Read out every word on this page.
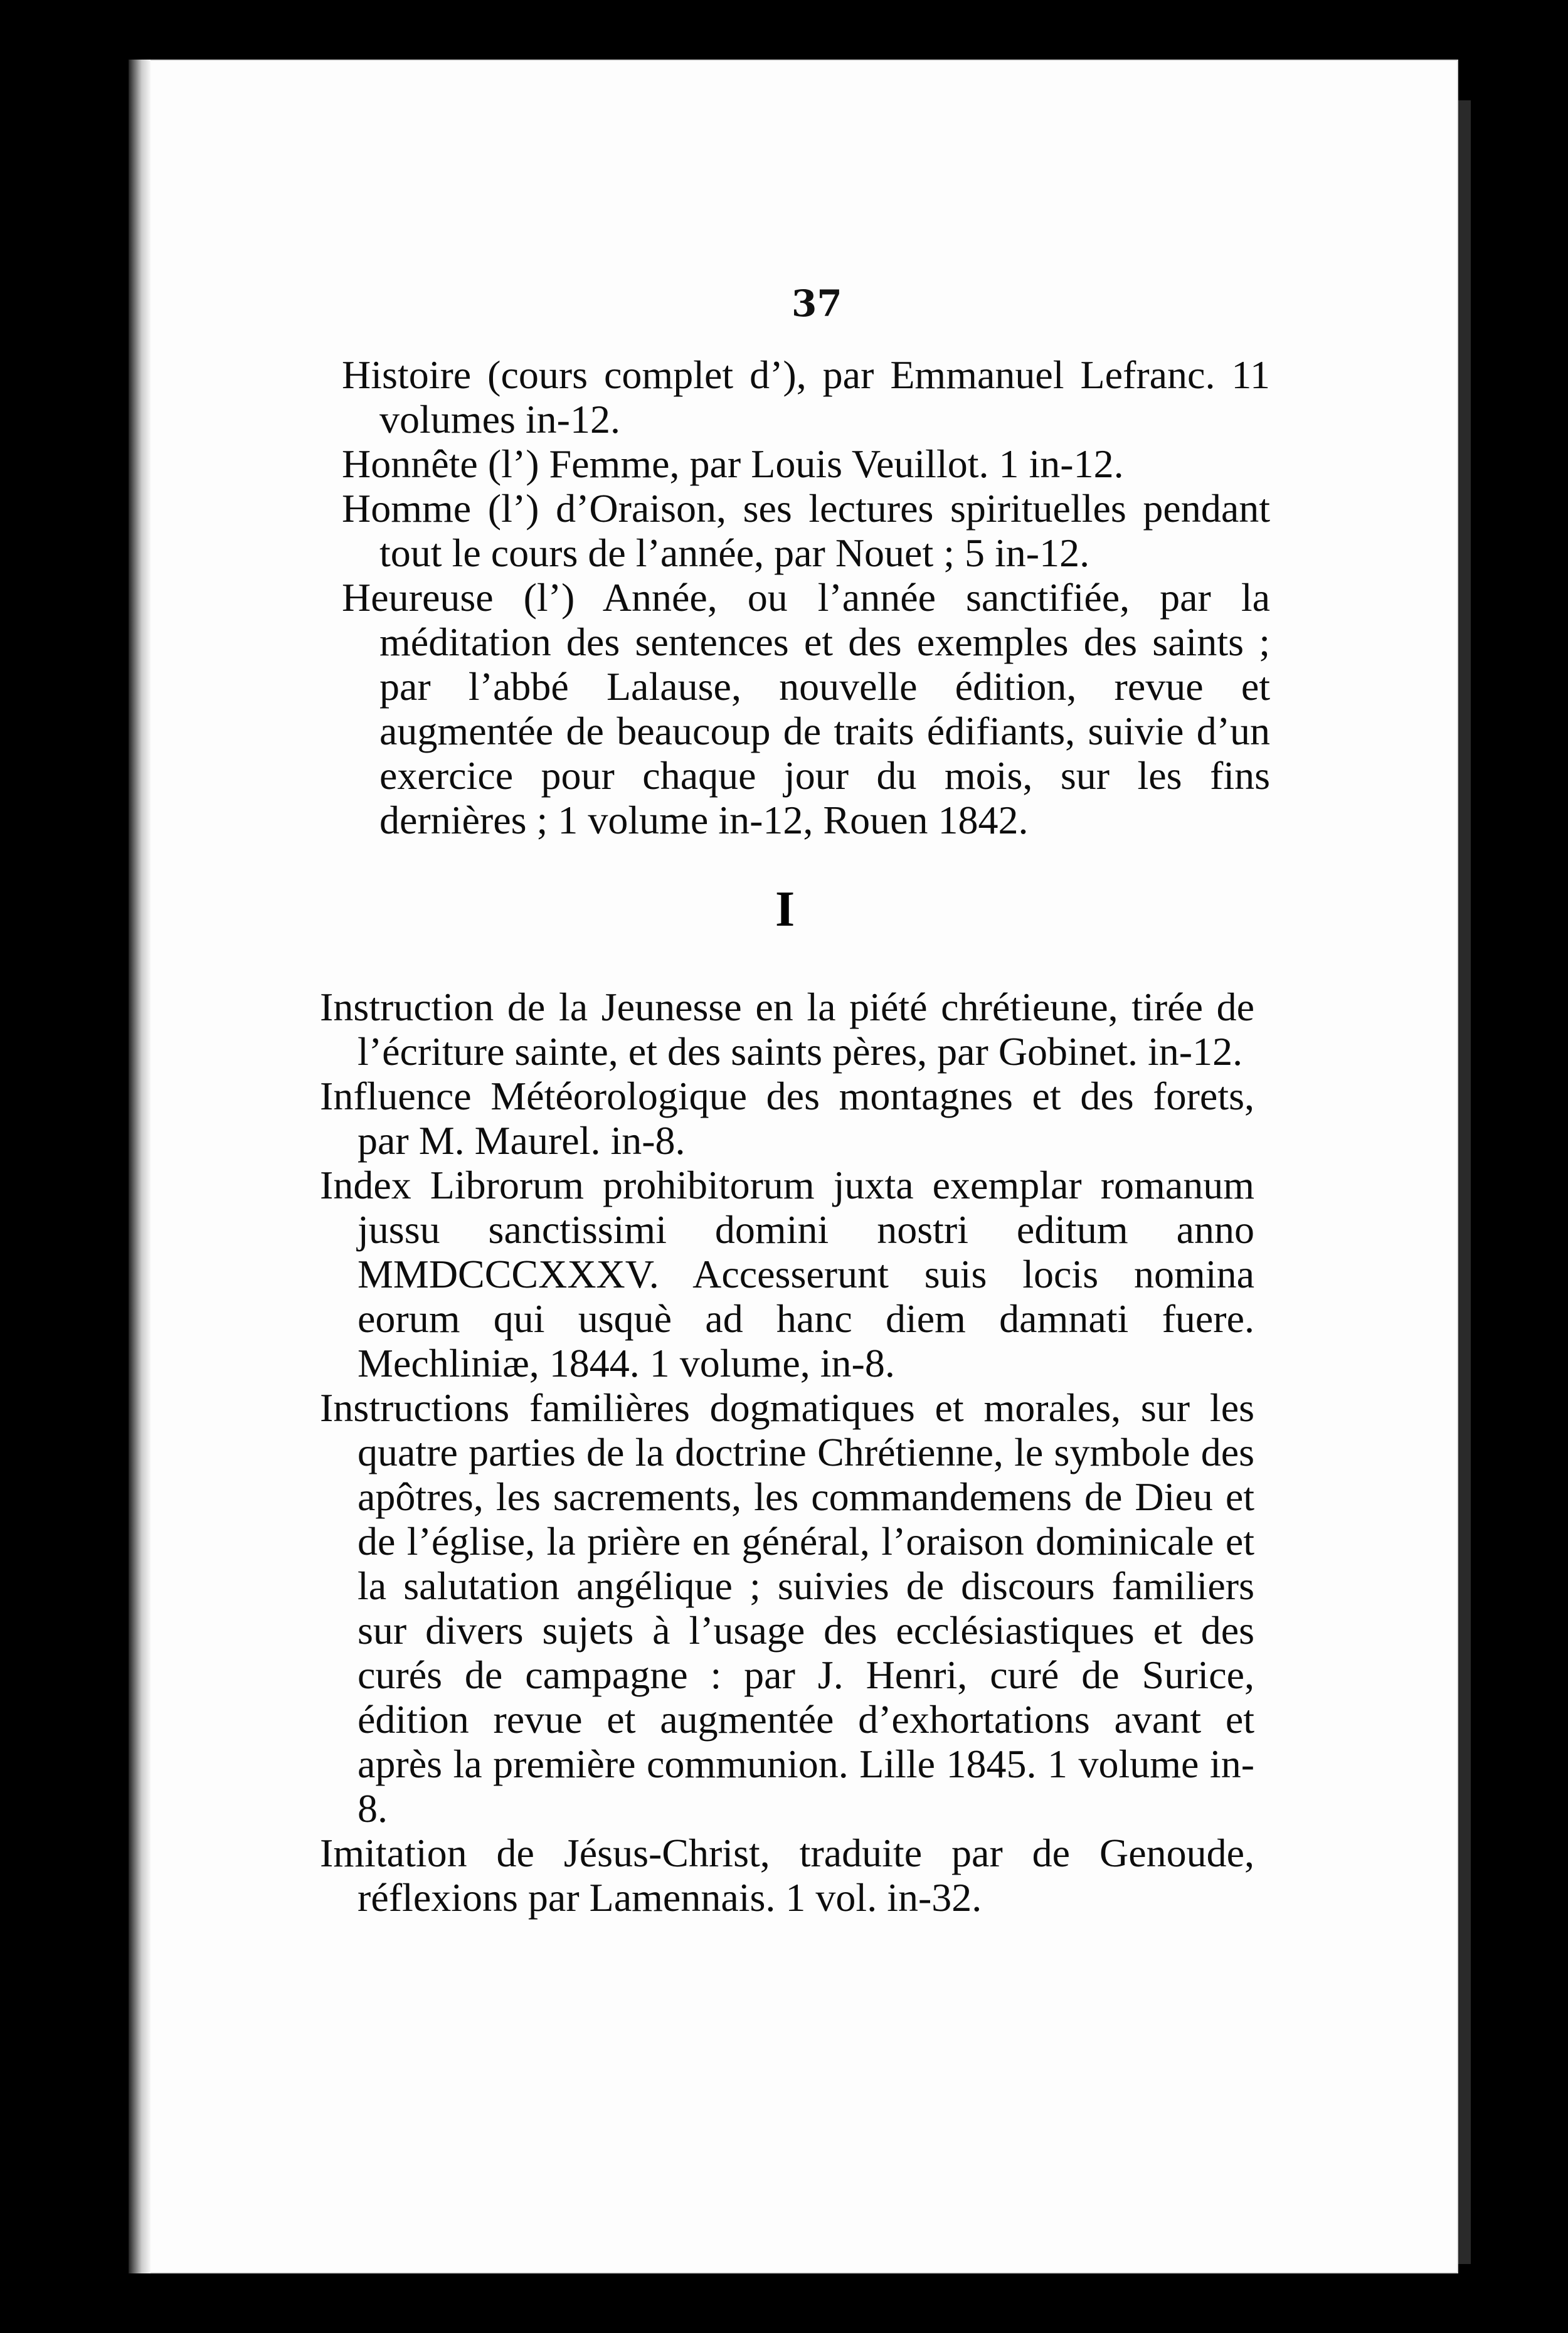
37

Histoire (cours complet d’), par Emmanuel Lefranc. 11 volumes in-12.

Honnête (l’) Femme, par Louis Veuillot. 1 in-12.

Homme (l’) d’Oraison, ses lectures spirituelles pendant tout le cours de l’année, par Nouet ; 5 in-12.

Heureuse (l’) Année, ou l’année sanctifiée, par la méditation des sentences et des exemples des saints ; par l’abbé Lalause, nouvelle édition, revue et augmentée de beaucoup de traits édifiants, suivie d’un exercice pour chaque jour du mois, sur les fins dernières ; 1 volume in-12, Rouen 1842.

I

Instruction de la Jeunesse en la piété chrétieune, tirée de l’écriture sainte, et des saints pères, par Gobinet. in-12.

Influence Météorologique des montagnes et des forets, par M. Maurel. in-8.

Index Librorum prohibitorum juxta exemplar romanum jussu sanctissimi domini nostri editum anno MMDCCCXXXV. Accesserunt suis locis nomina eorum qui usquè ad hanc diem damnati fuere. Mechliniæ, 1844. 1 volume, in-8.

Instructions familières dogmatiques et morales, sur les quatre parties de la doctrine Chrétienne, le symbole des apôtres, les sacrements, les commandemens de Dieu et de l’église, la prière en général, l’oraison dominicale et la salutation angélique ; suivies de discours familiers sur divers sujets à l’usage des ecclésiastiques et des curés de campagne : par J. Henri, curé de Surice, édition revue et augmentée d’exhortations avant et après la première communion. Lille 1845. 1 volume in-8.

Imitation de Jésus-Christ, traduite par de Genoude, réflexions par Lamennais. 1 vol. in-32.
